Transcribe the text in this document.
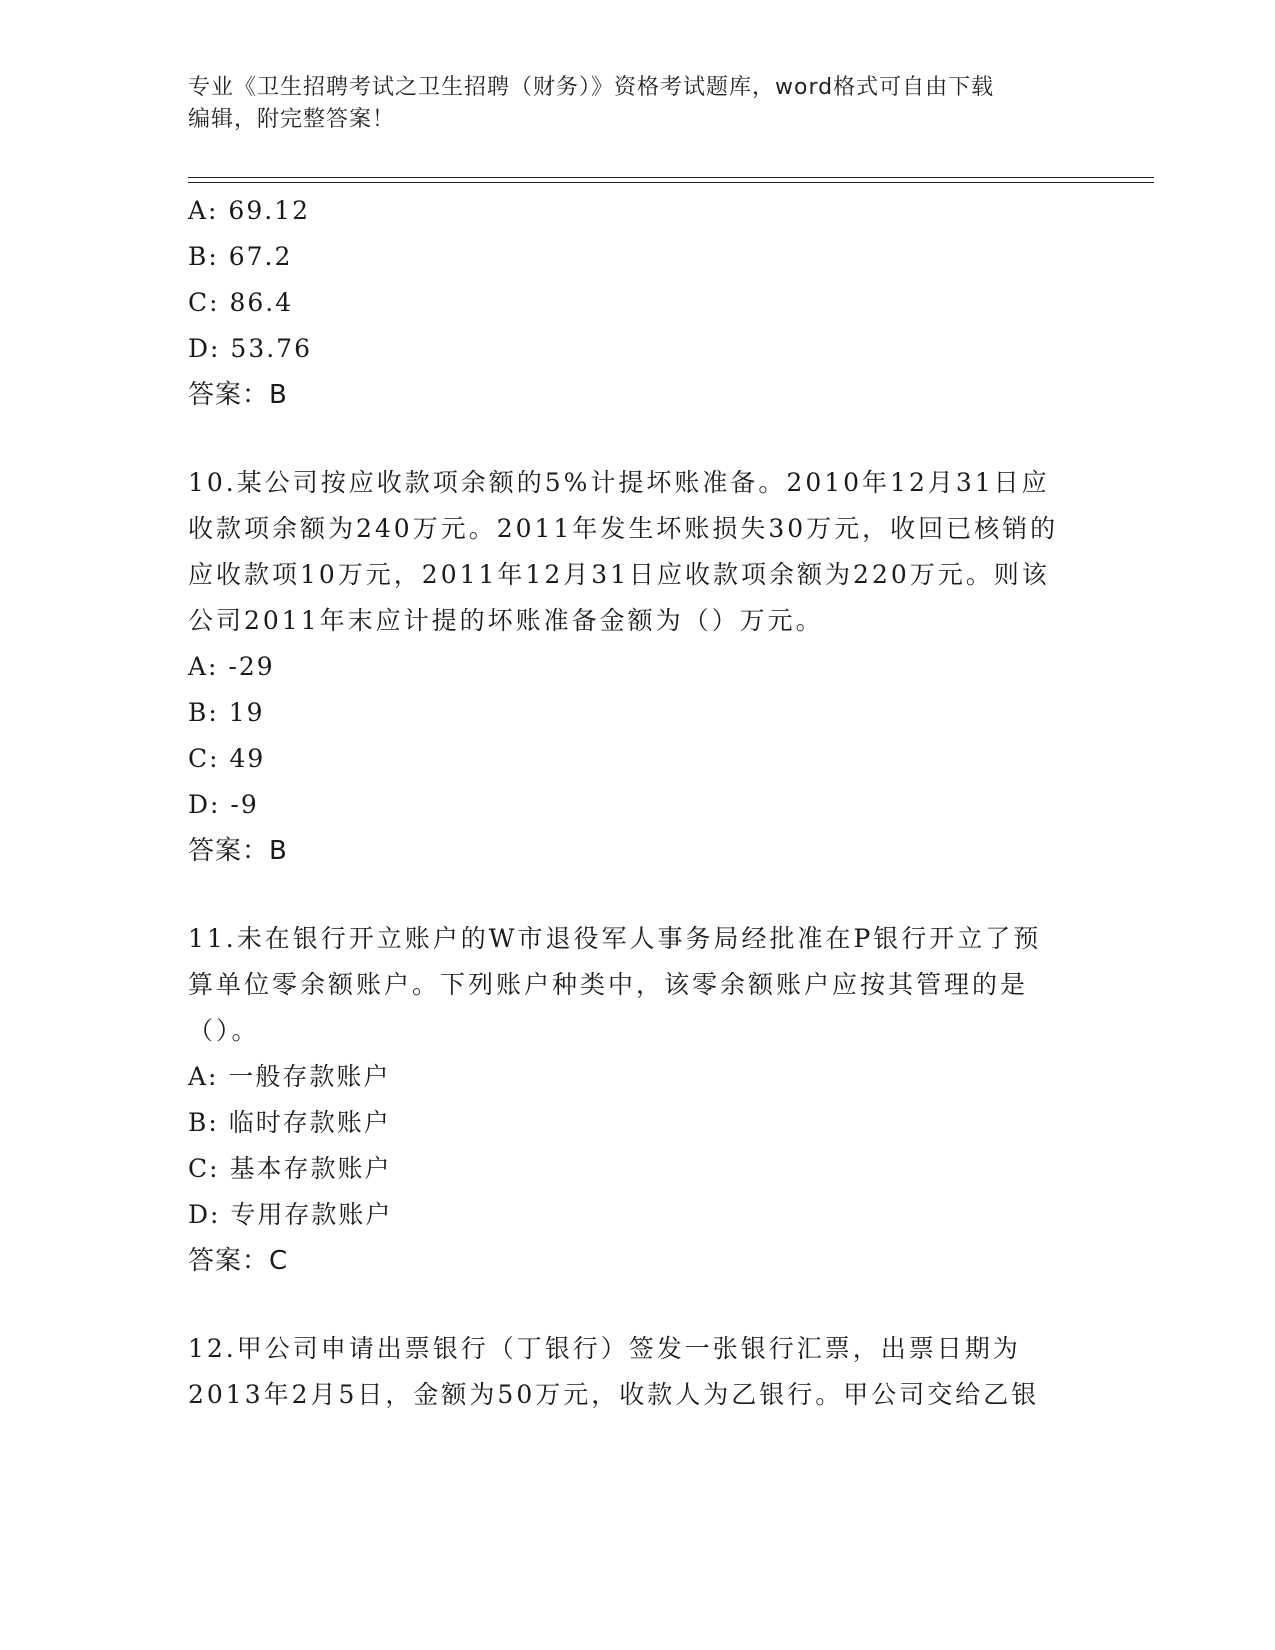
专业《卫生招聘考试之卫生招聘（财务）》资格考试题库，word格式可自由下载
编辑，附完整答案！
A: 69.12
B: 67.2
C: 86.4
D: 53.76
答案：B
10.某公司按应收款项余额的5%计提坏账准备。2010年12月31日应
收款项余额为240万元。2011年发生坏账损失30万元，收回已核销的
应收款项10万元，2011年12月31日应收款项余额为220万元。则该
公司2011年末应计提的坏账准备金额为（）万元。
A: -29
B: 19
C: 49
D: -9
答案：B
11.未在银行开立账户的W市退役军人事务局经批准在P银行开立了预
算单位零余额账户。下列账户种类中，该零余额账户应按其管理的是
（）。
A: 一般存款账户
B: 临时存款账户
C: 基本存款账户
D: 专用存款账户
答案：C
12.甲公司申请出票银行（丁银行）签发一张银行汇票，出票日期为
2013年2月5日，金额为50万元，收款人为乙银行。甲公司交给乙银
